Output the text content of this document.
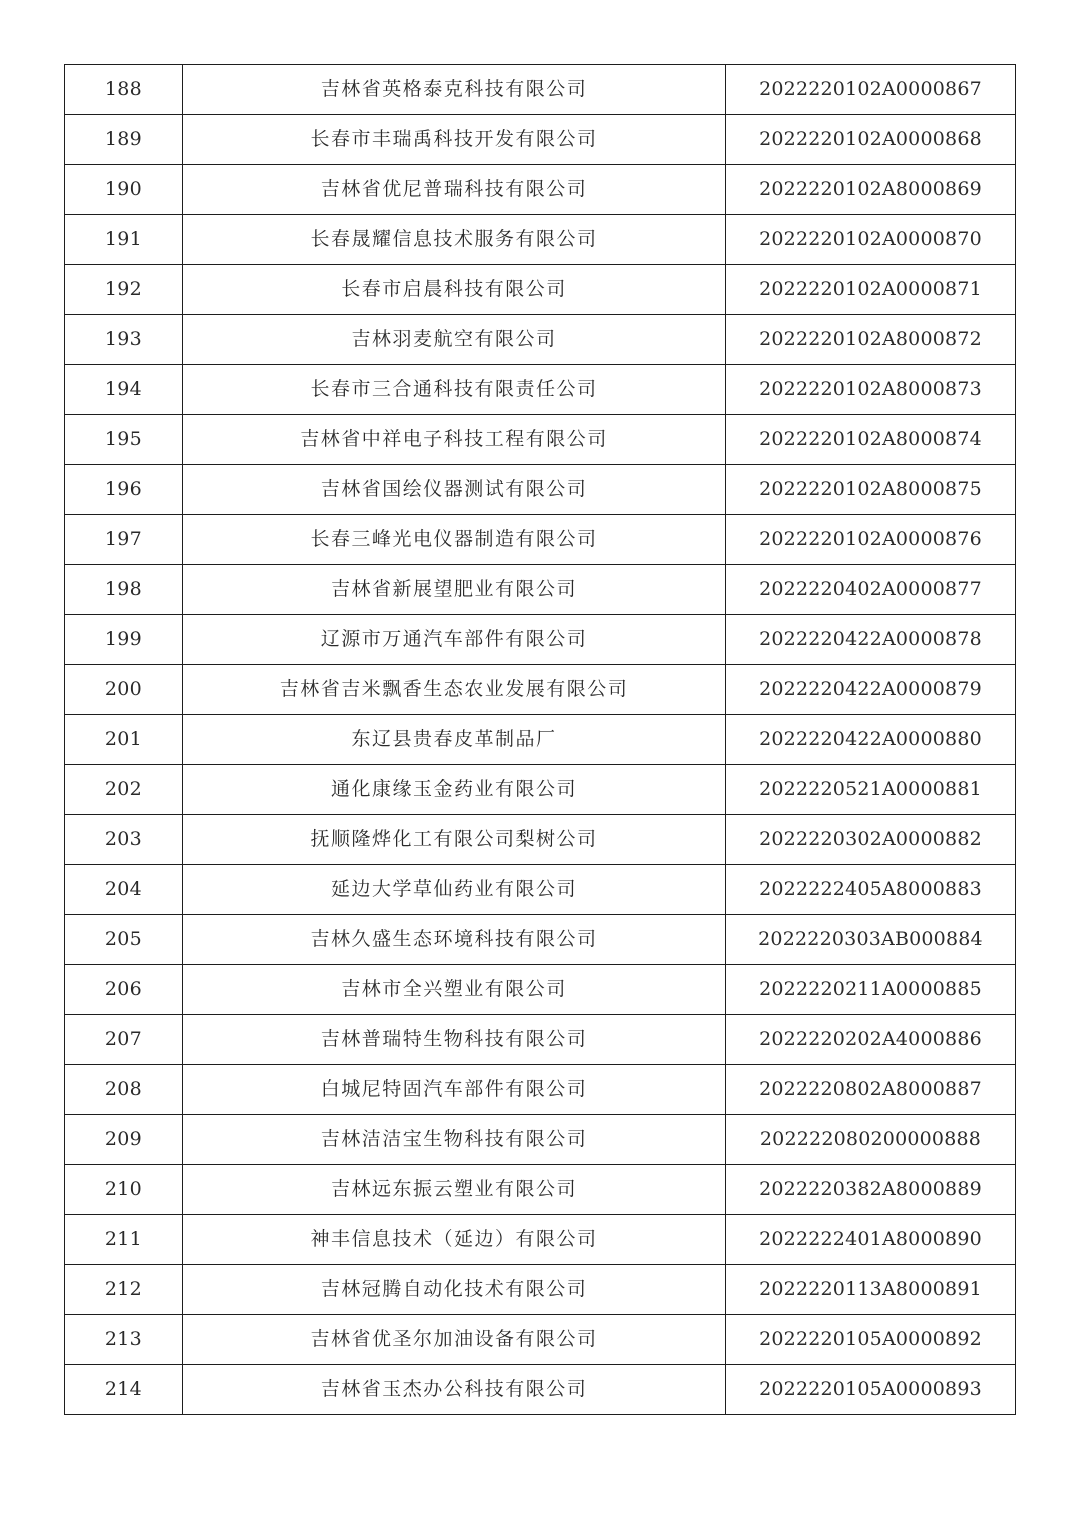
188	吉林省英格泰克科技有限公司	2022220102A0000867
189	长春市丰瑞禹科技开发有限公司	2022220102A0000868
190	吉林省优尼普瑞科技有限公司	2022220102A8000869
191	长春晟耀信息技术服务有限公司	2022220102A0000870
192	长春市启晨科技有限公司	2022220102A0000871
193	吉林羽麦航空有限公司	2022220102A8000872
194	长春市三合通科技有限责任公司	2022220102A8000873
195	吉林省中祥电子科技工程有限公司	2022220102A8000874
196	吉林省国绘仪器测试有限公司	2022220102A8000875
197	长春三峰光电仪器制造有限公司	2022220102A0000876
198	吉林省新展望肥业有限公司	2022220402A0000877
199	辽源市万通汽车部件有限公司	2022220422A0000878
200	吉林省吉米飘香生态农业发展有限公司	2022220422A0000879
201	东辽县贵春皮革制品厂	2022220422A0000880
202	通化康缘玉金药业有限公司	2022220521A0000881
203	抚顺隆烨化工有限公司梨树公司	2022220302A0000882
204	延边大学草仙药业有限公司	2022222405A8000883
205	吉林久盛生态环境科技有限公司	2022220303AB000884
206	吉林市全兴塑业有限公司	2022220211A0000885
207	吉林普瑞特生物科技有限公司	2022220202A4000886
208	白城尼特固汽车部件有限公司	2022220802A8000887
209	吉林洁洁宝生物科技有限公司	202222080200000888
210	吉林远东振云塑业有限公司	2022220382A8000889
211	神丰信息技术（延边）有限公司	2022222401A8000890
212	吉林冠腾自动化技术有限公司	2022220113A8000891
213	吉林省优圣尔加油设备有限公司	2022220105A0000892
214	吉林省玉杰办公科技有限公司	2022220105A0000893
